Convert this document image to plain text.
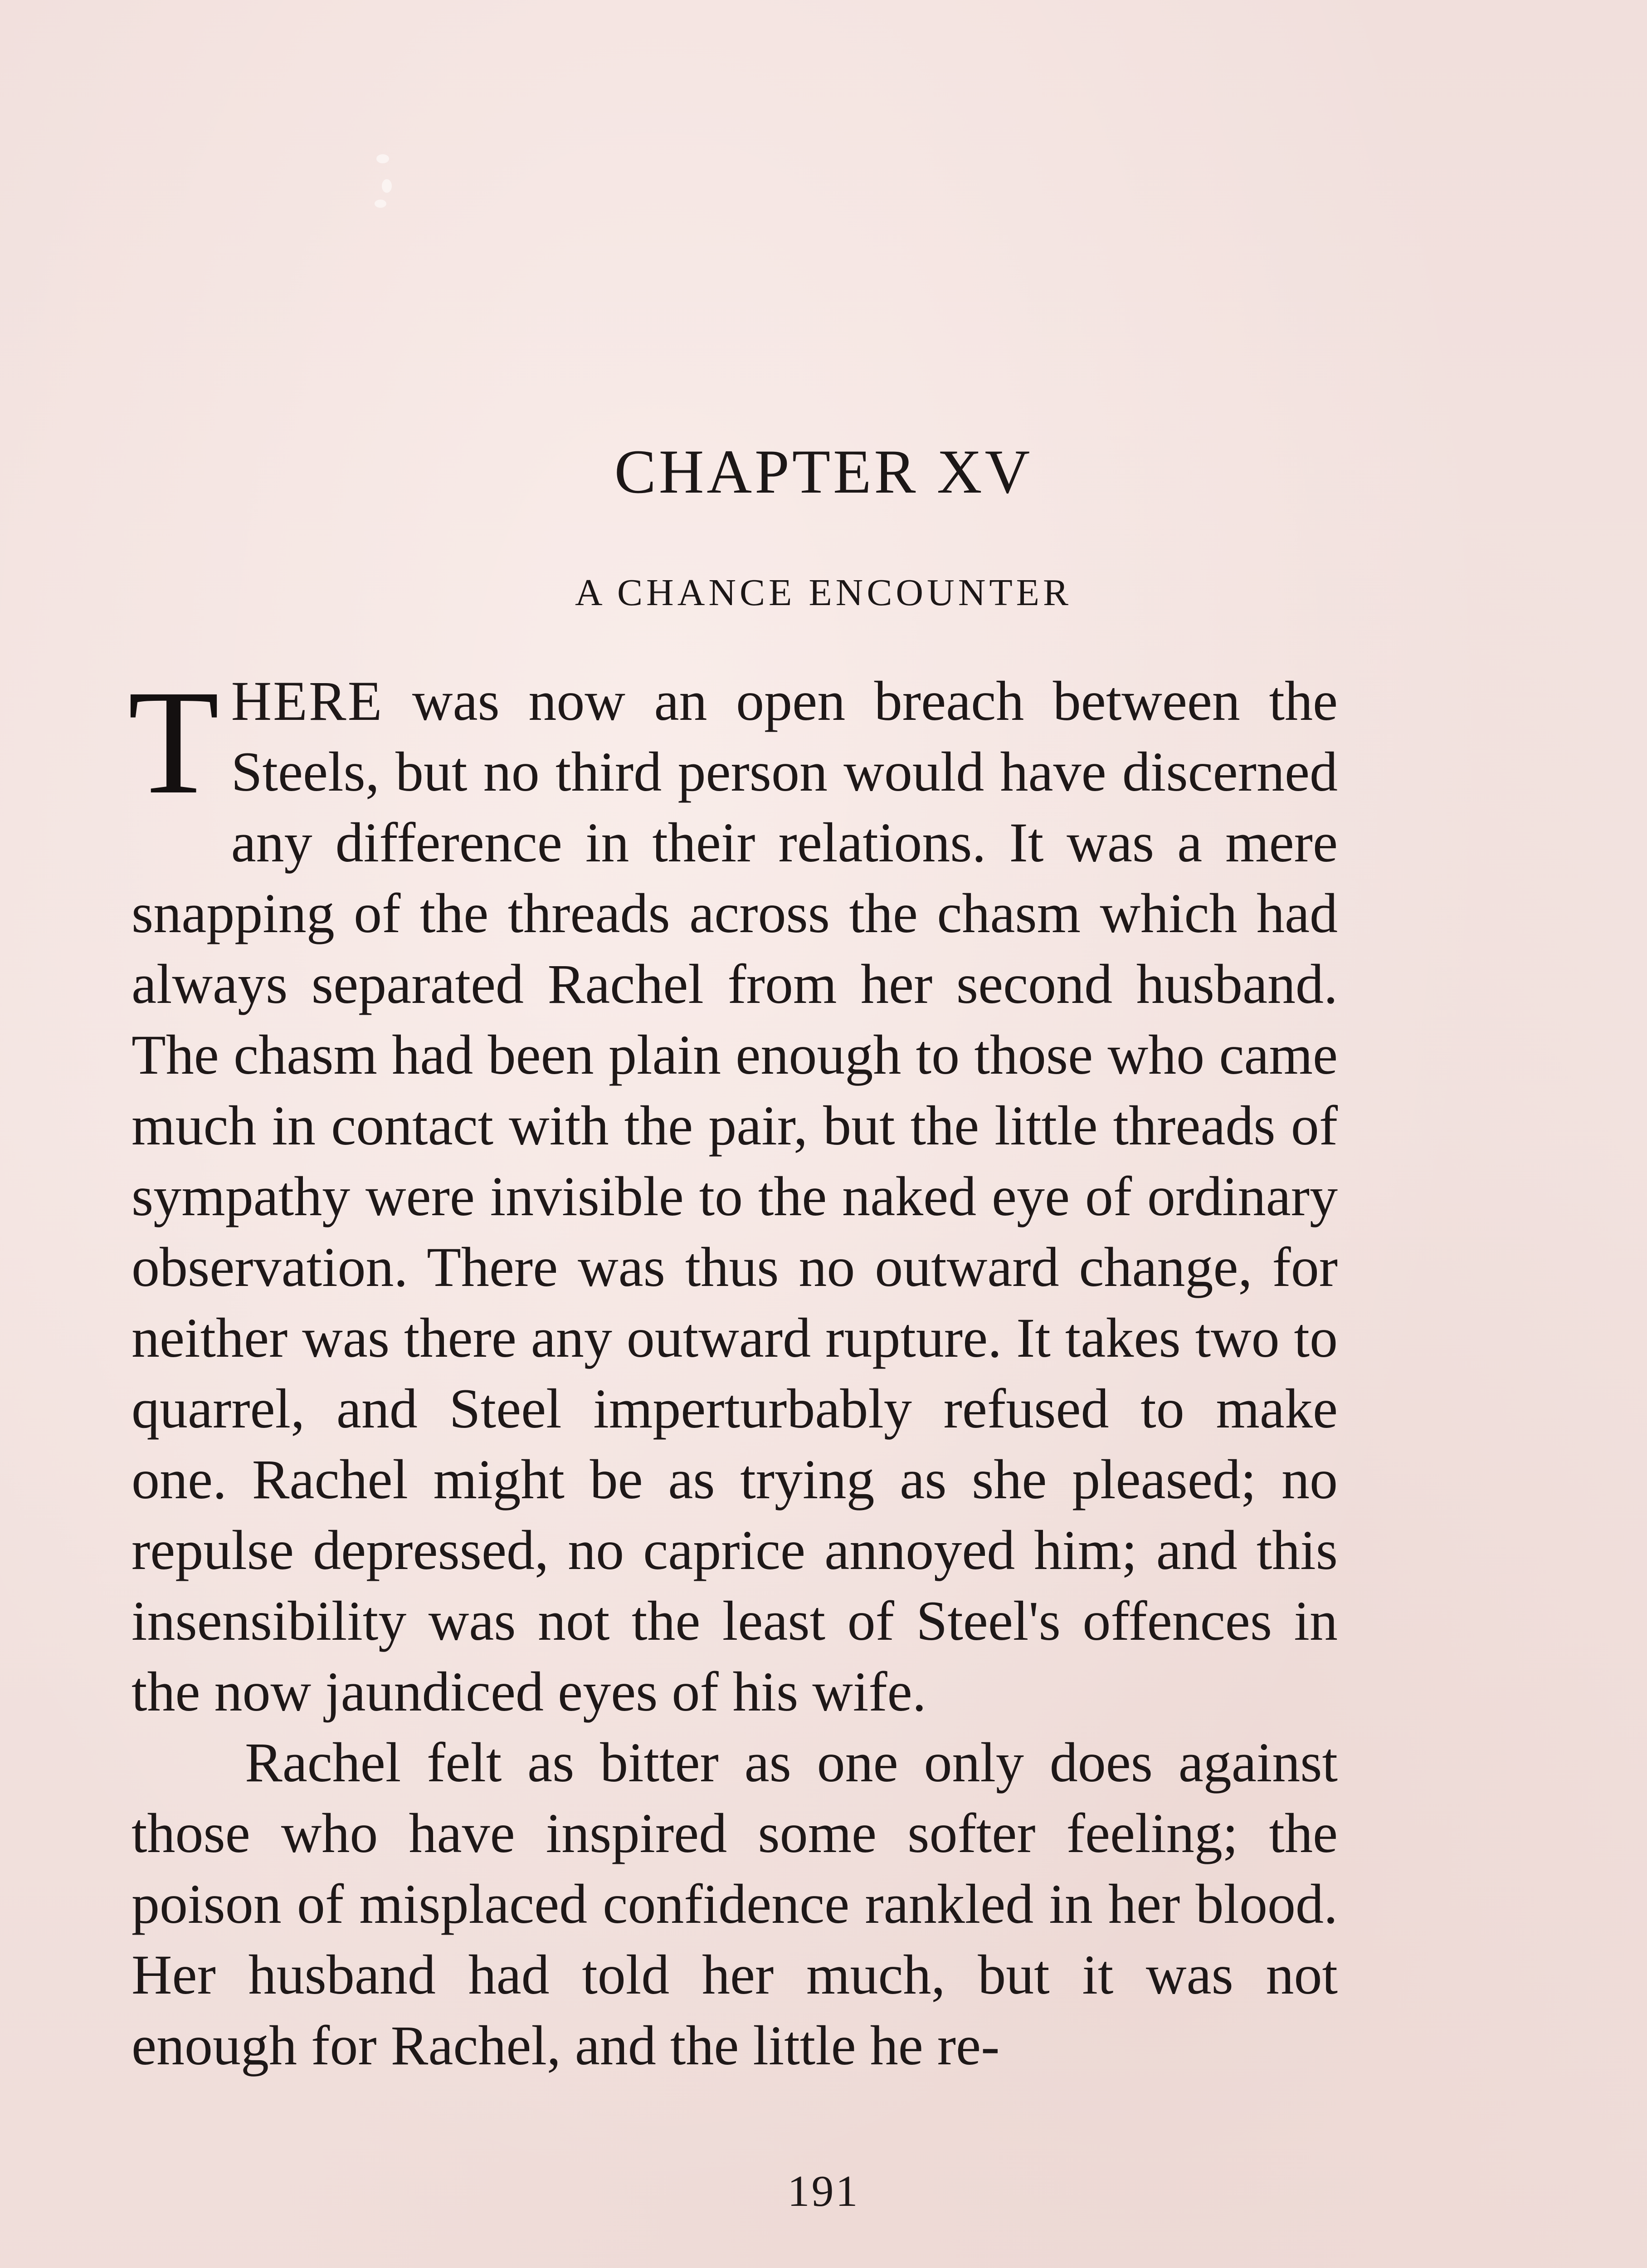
CHAPTER XV
A CHANCE ENCOUNTER

THERE was now an open breach between the Steels, but no third person would have discerned any difference in their relations. It was a mere snapping of the threads across the chasm which had always separated Rachel from her second husband. The chasm had been plain enough to those who came much in contact with the pair, but the little threads of sympathy were invisible to the naked eye of ordinary observation. There was thus no outward change, for neither was there any outward rupture. It takes two to quarrel, and Steel imperturbably refused to make one. Rachel might be as trying as she pleased; no repulse depressed, no caprice annoyed him; and this insensibility was not the least of Steel's offences in the now jaundiced eyes of his wife.

Rachel felt as bitter as one only does against those who have inspired some softer feeling; the poison of misplaced confidence rankled in her blood. Her husband had told her much, but it was not enough for Rachel, and the little he re-

191
